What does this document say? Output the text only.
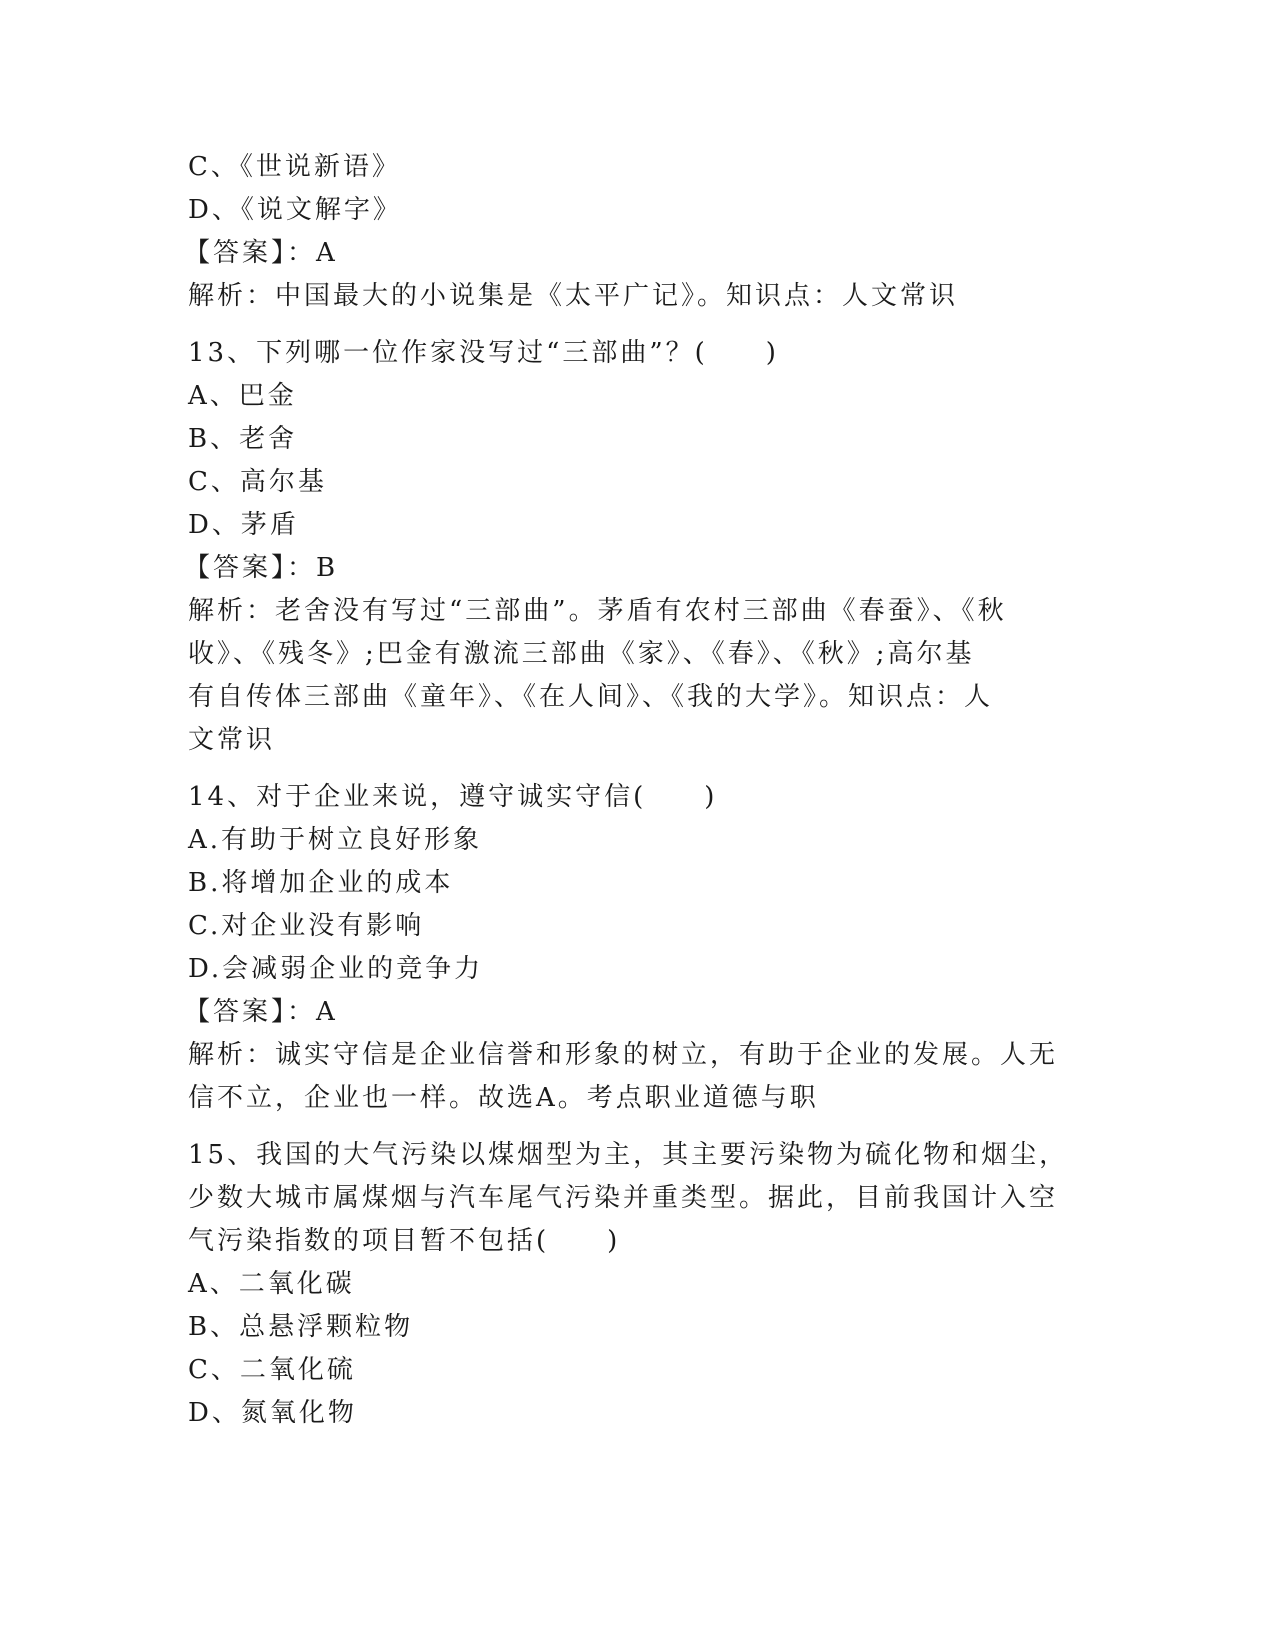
C、《世说新语》
D、《说文解字》
【答案】：A
解析：中国最大的小说集是《太平广记》。知识点：人文常识
13、下列哪一位作家没写过“三部曲”？(　　)
A、巴金
B、老舍
C、高尔基
D、茅盾
【答案】：B
解析：老舍没有写过“三部曲”。茅盾有农村三部曲《春蚕》、《秋
收》、《残冬》;巴金有激流三部曲《家》、《春》、《秋》;高尔基
有自传体三部曲《童年》、《在人间》、《我的大学》。知识点：人
文常识
14、对于企业来说，遵守诚实守信(　　)
A.有助于树立良好形象
B.将增加企业的成本
C.对企业没有影响
D.会减弱企业的竞争力
【答案】：A
解析：诚实守信是企业信誉和形象的树立，有助于企业的发展。人无
信不立，企业也一样。故选A。考点职业道德与职
15、我国的大气污染以煤烟型为主，其主要污染物为硫化物和烟尘，
少数大城市属煤烟与汽车尾气污染并重类型。据此，目前我国计入空
气污染指数的项目暂不包括(　　)
A、二氧化碳
B、总悬浮颗粒物
C、二氧化硫
D、氮氧化物
